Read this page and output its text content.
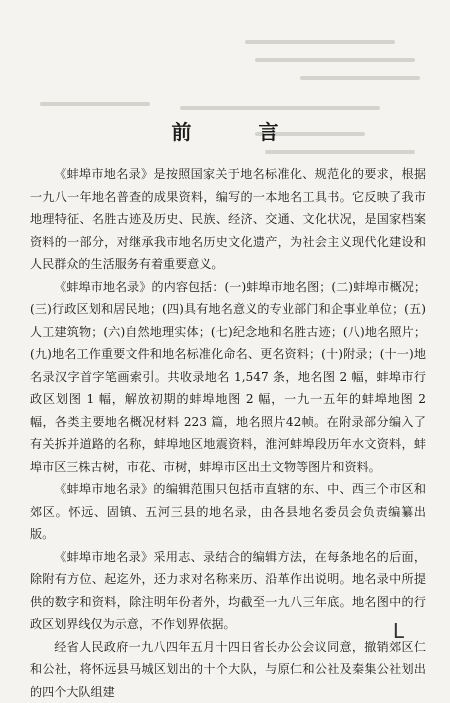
前 言

《蚌埠市地名录》是按照国家关于地名标准化、规范化的要求，根据一九八一年地名普查的成果资料，编写的一本地名工具书。它反映了我市地理特征、名胜古迹及历史、民族、经济、交通、文化状况，是国家档案资料的一部分，对继承我市地名历史文化遗产，为社会主义现代化建设和人民群众的生活服务有着重要意义。

《蚌埠市地名录》的内容包括：(一)蚌埠市地名图；(二)蚌埠市概况；(三)行政区划和居民地；(四)具有地名意义的专业部门和企事业单位；(五)人工建筑物；(六)自然地理实体；(七)纪念地和名胜古迹；(八)地名照片；(九)地名工作重要文件和地名标准化命名、更名资料；(十)附录；(十一)地名录汉字首字笔画索引。共收录地名 1,547 条，地名图 2 幅，蚌埠市行政区划图 1 幅，解放初期的蚌埠地图 2 幅，一九一五年的蚌埠地图 2 幅，各类主要地名概况材料 223 篇，地名照片42帧。在附录部分编入了有关拆并道路的名称，蚌埠地区地震资料，淮河蚌埠段历年水文资料，蚌埠市区三株古树，市花、市树，蚌埠市区出土文物等图片和资料。

《蚌埠市地名录》的编辑范围只包括市直辖的东、中、西三个市区和郊区。怀远、固镇、五河三县的地名录，由各县地名委员会负责编纂出版。

《蚌埠市地名录》采用志、录结合的编辑方法，在每条地名的后面，除附有方位、起迄外，还力求对名称来历、沿革作出说明。地名录中所提供的数字和资料，除注明年份者外，均截至一九八三年底。地名图中的行政区划界线仅为示意，不作划界依据。

经省人民政府一九八四年五月十四日省长办公会议同意，撤销郊区仁和公社，将怀远县马城区划出的十个大队，与原仁和公社及秦集公社划出的四个大队组建

L
